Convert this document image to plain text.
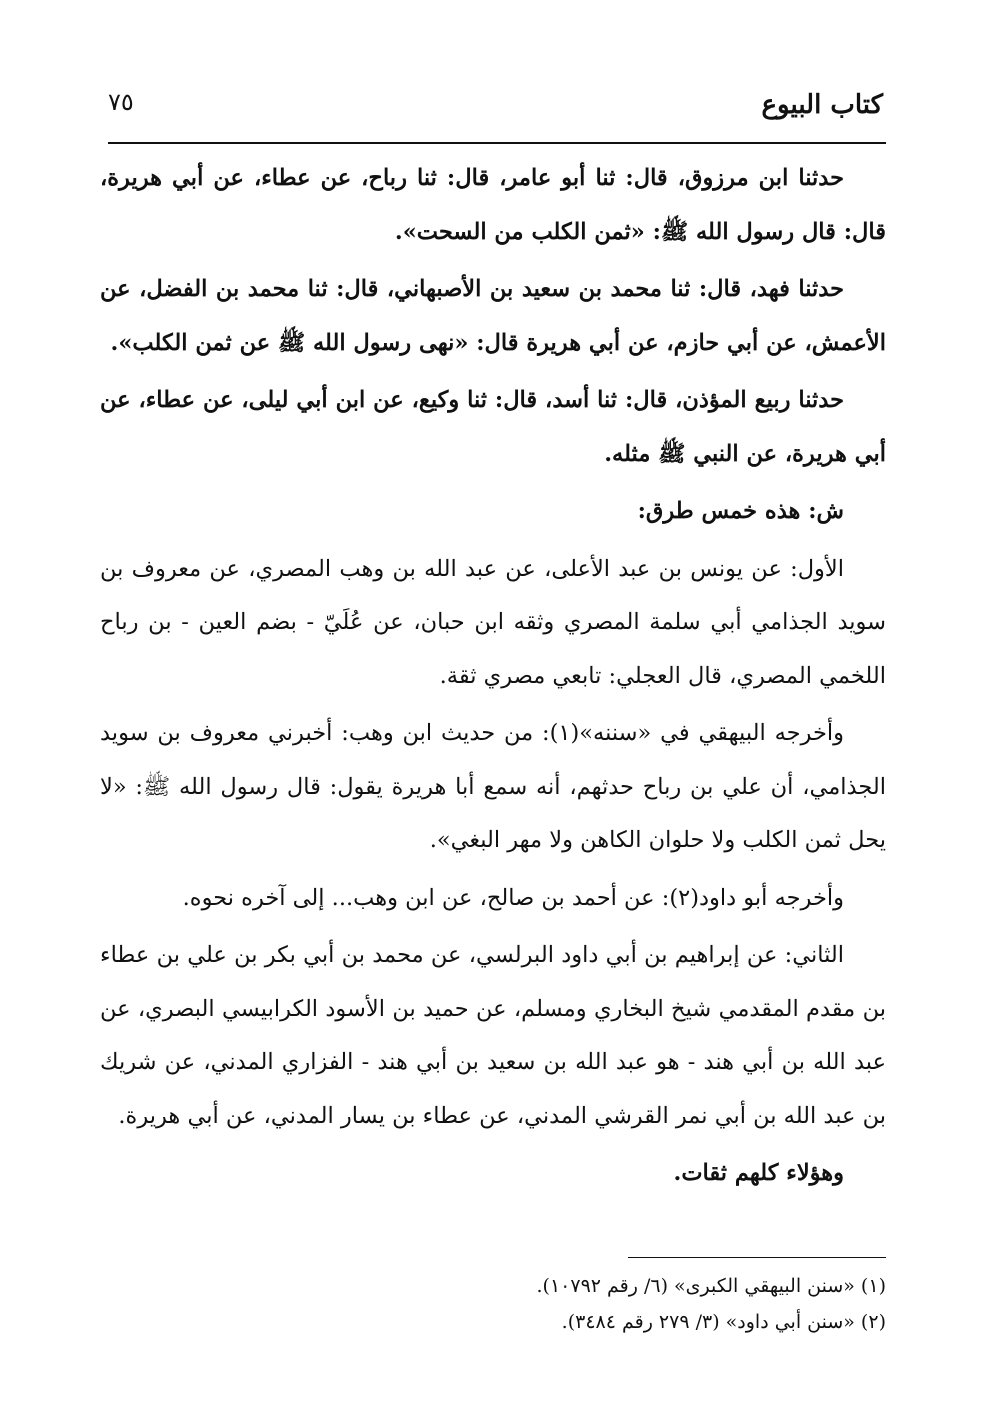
كتاب البيوع
٧٥

حدثنا ابن مرزوق، قال: ثنا أبو عامر، قال: ثنا رباح، عن عطاء، عن أبي هريرة، قال: قال رسول الله ﷺ: «ثمن الكلب من السحت».

حدثنا فهد، قال: ثنا محمد بن سعيد بن الأصبهاني، قال: ثنا محمد بن الفضل، عن الأعمش، عن أبي حازم، عن أبي هريرة قال: «نهى رسول الله ﷺ عن ثمن الكلب».

حدثنا ربيع المؤذن، قال: ثنا أسد، قال: ثنا وكيع، عن ابن أبي ليلى، عن عطاء، عن أبي هريرة، عن النبي ﷺ مثله.

ش: هذه خمس طرق:

الأول: عن يونس بن عبد الأعلى، عن عبد الله بن وهب المصري، عن معروف بن سويد الجذامي أبي سلمة المصري وثقه ابن حبان، عن عُلَيّ - بضم العين - بن رباح اللخمي المصري، قال العجلي: تابعي مصري ثقة.

وأخرجه البيهقي في «سننه»(١): من حديث ابن وهب: أخبرني معروف بن سويد الجذامي، أن علي بن رباح حدثهم، أنه سمع أبا هريرة يقول: قال رسول الله ﷺ: «لا يحل ثمن الكلب ولا حلوان الكاهن ولا مهر البغي».

وأخرجه أبو داود(٢): عن أحمد بن صالح، عن ابن وهب... إلى آخره نحوه.

الثاني: عن إبراهيم بن أبي داود البرلسي، عن محمد بن أبي بكر بن علي بن عطاء بن مقدم المقدمي شيخ البخاري ومسلم، عن حميد بن الأسود الكرابيسي البصري، عن عبد الله بن أبي هند - هو عبد الله بن سعيد بن أبي هند - الفزاري المدني، عن شريك بن عبد الله بن أبي نمر القرشي المدني، عن عطاء بن يسار المدني، عن أبي هريرة.

وهؤلاء كلهم ثقات.

(١) «سنن البيهقي الكبرى» (٦/ رقم ١٠٧٩٢).
(٢) «سنن أبي داود» (٣/ ٢٧٩ رقم ٣٤٨٤).
